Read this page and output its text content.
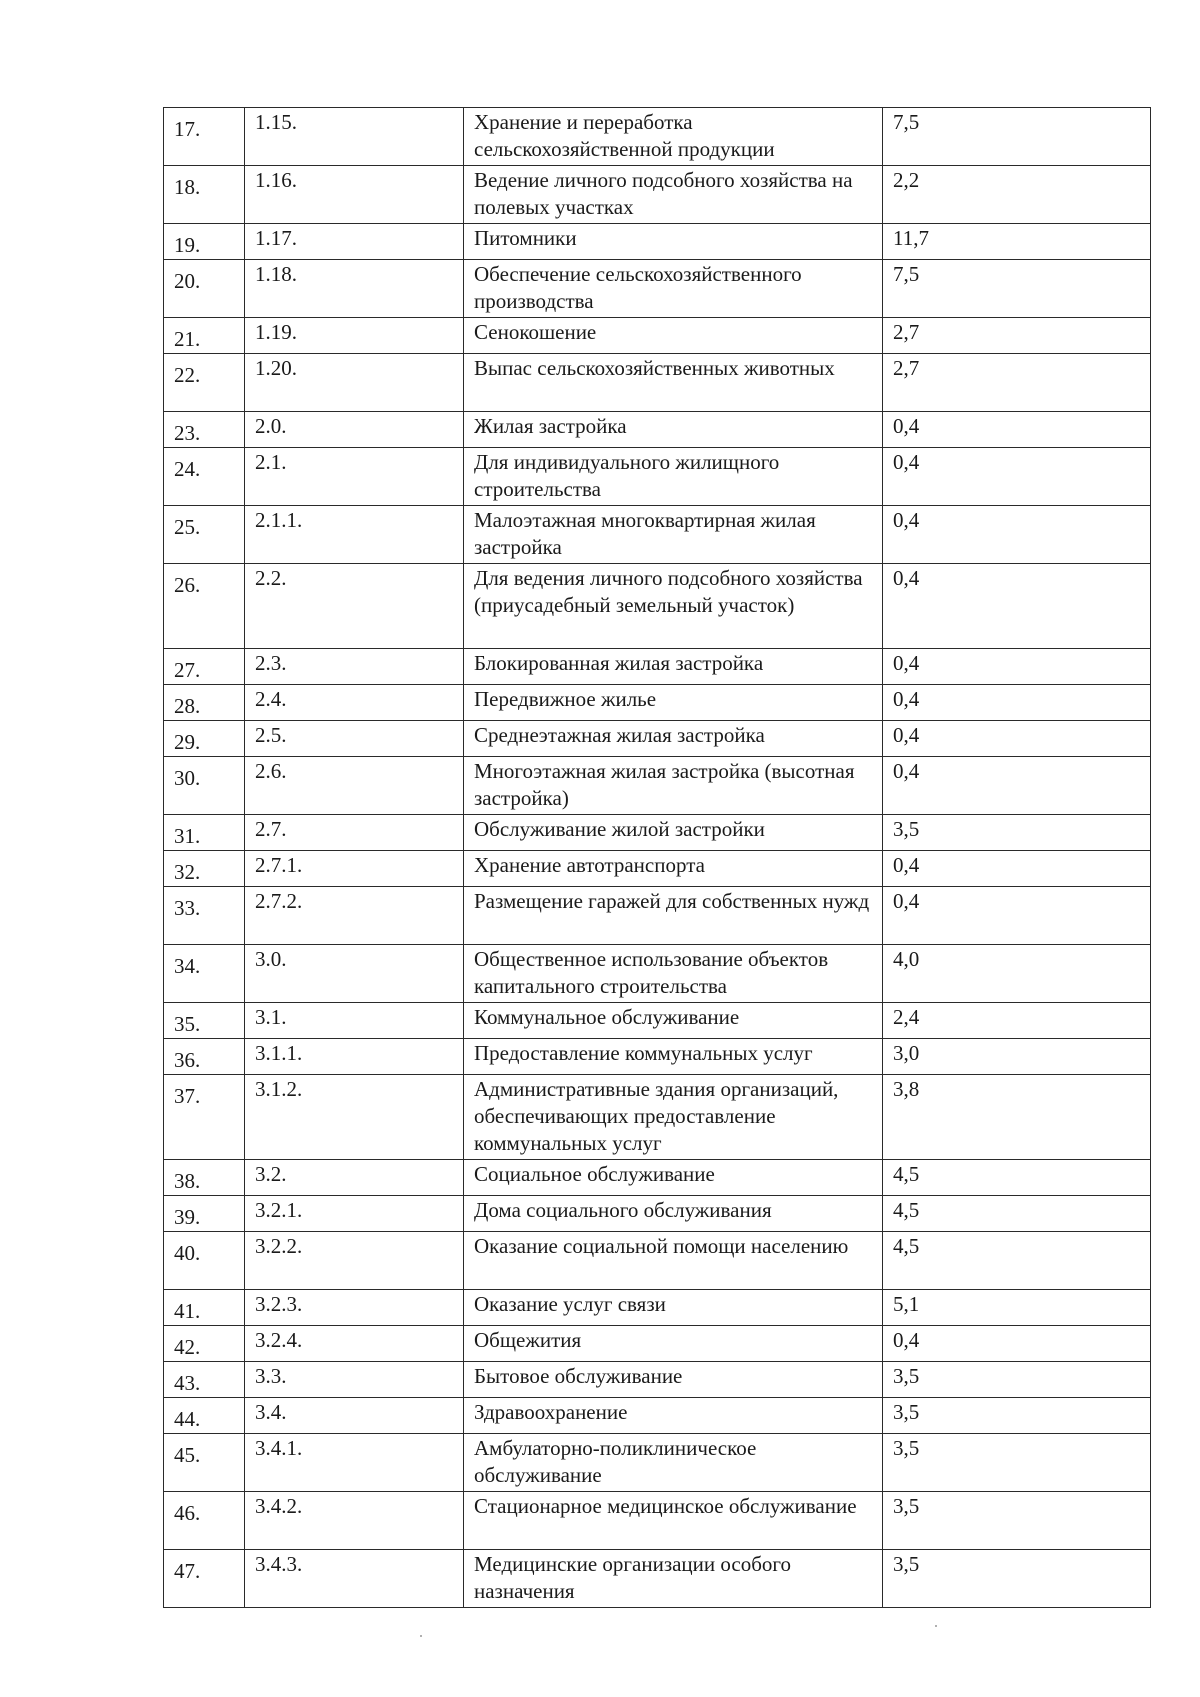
17.	1.15.	Хранение и переработка сельскохозяйственной продукции	7,5
18.	1.16.	Ведение личного подсобного хозяйства на полевых участках	2,2
19.	1.17.	Питомники	11,7
20.	1.18.	Обеспечение сельскохозяйственного производства	7,5
21.	1.19.	Сенокошение	2,7
22.	1.20.	Выпас сельскохозяйственных животных	2,7
23.	2.0.	Жилая застройка	0,4
24.	2.1.	Для индивидуального жилищного строительства	0,4
25.	2.1.1.	Малоэтажная многоквартирная жилая застройка	0,4
26.	2.2.	Для ведения личного подсобного хозяйства (приусадебный земельный участок)	0,4
27.	2.3.	Блокированная жилая застройка	0,4
28.	2.4.	Передвижное жилье	0,4
29.	2.5.	Среднеэтажная жилая застройка	0,4
30.	2.6.	Многоэтажная жилая застройка (высотная застройка)	0,4
31.	2.7.	Обслуживание жилой застройки	3,5
32.	2.7.1.	Хранение автотранспорта	0,4
33.	2.7.2.	Размещение гаражей для собственных нужд	0,4
34.	3.0.	Общественное использование объектов капитального строительства	4,0
35.	3.1.	Коммунальное обслуживание	2,4
36.	3.1.1.	Предоставление коммунальных услуг	3,0
37.	3.1.2.	Административные здания организаций, обеспечивающих предоставление коммунальных услуг	3,8
38.	3.2.	Социальное обслуживание	4,5
39.	3.2.1.	Дома социального обслуживания	4,5
40.	3.2.2.	Оказание социальной помощи населению	4,5
41.	3.2.3.	Оказание услуг связи	5,1
42.	3.2.4.	Общежития	0,4
43.	3.3.	Бытовое обслуживание	3,5
44.	3.4.	Здравоохранение	3,5
45.	3.4.1.	Амбулаторно-поликлиническое обслуживание	3,5
46.	3.4.2.	Стационарное медицинское обслуживание	3,5
47.	3.4.3.	Медицинские организации особого назначения	3,5
